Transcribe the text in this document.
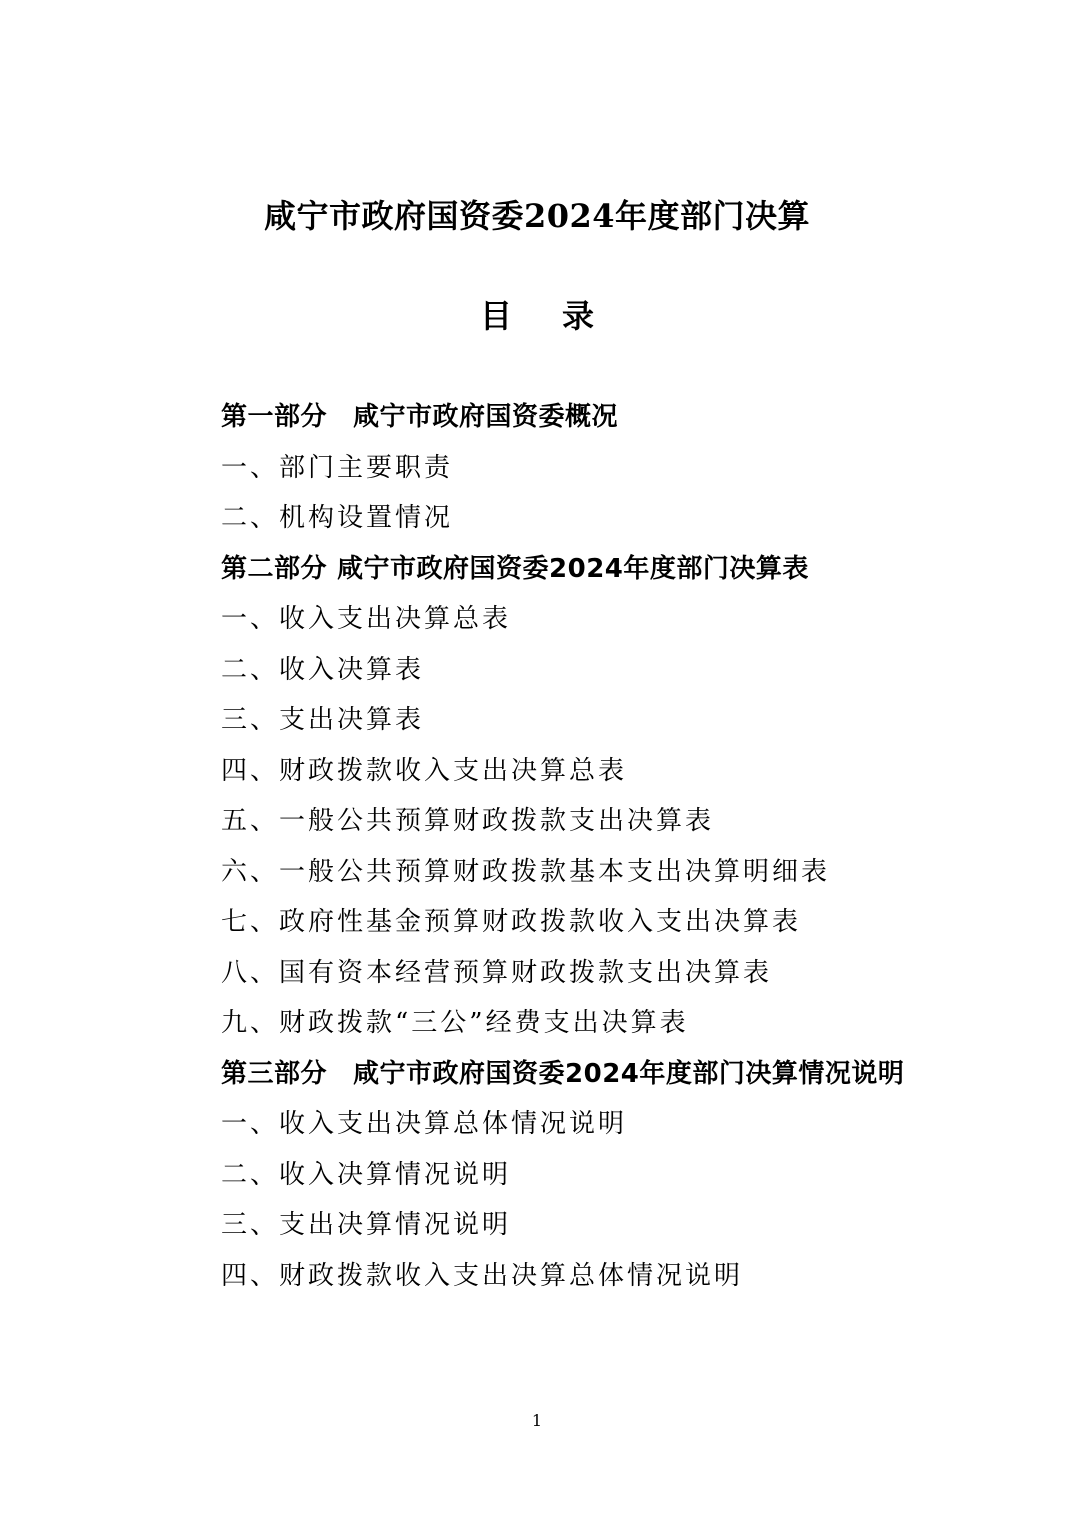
咸宁市政府国资委2024年度部门决算
目录
第一部分 咸宁市政府国资委概况
一、部门主要职责
二、机构设置情况
第二部分 咸宁市政府国资委2024年度部门决算表
一、收入支出决算总表
二、收入决算表
三、支出决算表
四、财政拨款收入支出决算总表
五、一般公共预算财政拨款支出决算表
六、一般公共预算财政拨款基本支出决算明细表
七、政府性基金预算财政拨款收入支出决算表
八、国有资本经营预算财政拨款支出决算表
九、财政拨款“三公”经费支出决算表
第三部分 咸宁市政府国资委2024年度部门决算情况说明
一、收入支出决算总体情况说明
二、收入决算情况说明
三、支出决算情况说明
四、财政拨款收入支出决算总体情况说明
1
